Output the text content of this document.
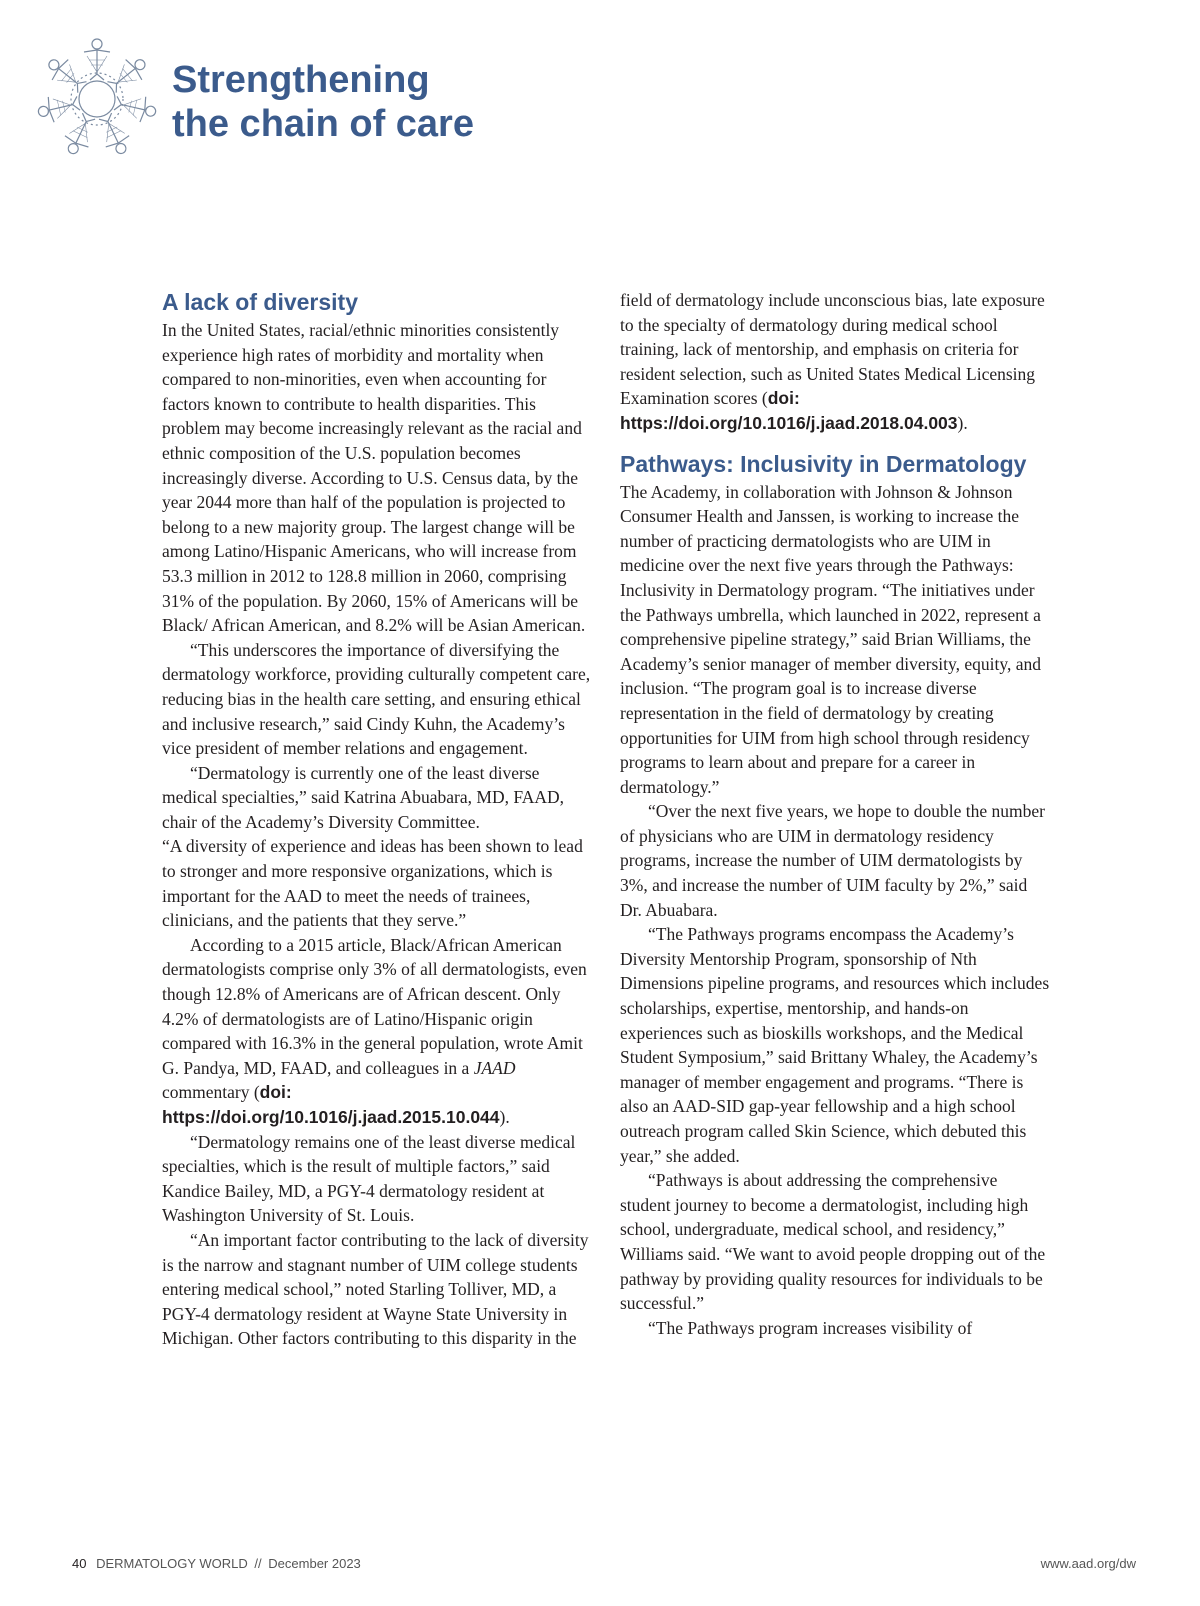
Strengthening
the chain of care
A lack of diversity

In the United States, racial/ethnic minorities consistently experience high rates of morbidity and mortality when compared to non-minorities, even when accounting for factors known to contribute to health disparities. This problem may become increasingly relevant as the racial and ethnic composition of the U.S. population becomes increasingly diverse. According to U.S. Census data, by the year 2044 more than half of the population is projected to belong to a new majority group. The largest change will be among Latino/Hispanic Americans, who will increase from 53.3 million in 2012 to 128.8 million in 2060, comprising 31% of the population. By 2060, 15% of Americans will be Black/ African American, and 8.2% will be Asian American.

“This underscores the importance of diversifying the dermatology workforce, providing culturally competent care, reducing bias in the health care setting, and ensuring ethical and inclusive research,” said Cindy Kuhn, the Academy’s vice president of member relations and engagement.

“Dermatology is currently one of the least diverse medical specialties,” said Katrina Abuabara, MD, FAAD, chair of the Academy’s Diversity Committee.

“A diversity of experience and ideas has been shown to lead to stronger and more responsive organizations, which is important for the AAD to meet the needs of trainees, clinicians, and the patients that they serve.”

According to a 2015 article, Black/African American dermatologists comprise only 3% of all dermatologists, even though 12.8% of Americans are of African descent. Only 4.2% of dermatologists are of Latino/Hispanic origin compared with 16.3% in the general population, wrote Amit G. Pandya, MD, FAAD, and colleagues in a JAAD commentary (doi: https://doi.org/10.1016/j.jaad.2015.10.044).

“Dermatology remains one of the least diverse medical specialties, which is the result of multiple factors,” said Kandice Bailey, MD, a PGY-4 dermatology resident at Washington University of St. Louis.

“An important factor contributing to the lack of diversity is the narrow and stagnant number of UIM college students entering medical school,” noted Starling Tolliver, MD, a PGY-4 dermatology resident at Wayne State University in Michigan. Other factors contributing to this disparity in the

field of dermatology include unconscious bias, late exposure to the specialty of dermatology during medical school training, lack of mentorship, and emphasis on criteria for resident selection, such as United States Medical Licensing Examination scores (doi: https://doi.org/10.1016/j.jaad.2018.04.003).

Pathways: Inclusivity in Dermatology

The Academy, in collaboration with Johnson & Johnson Consumer Health and Janssen, is working to increase the number of practicing dermatologists who are UIM in medicine over the next five years through the Pathways: Inclusivity in Dermatology program. “The initiatives under the Pathways umbrella, which launched in 2022, represent a comprehensive pipeline strategy,” said Brian Williams, the Academy’s senior manager of member diversity, equity, and inclusion. “The program goal is to increase diverse representation in the field of dermatology by creating opportunities for UIM from high school through residency programs to learn about and prepare for a career in dermatology.”

“Over the next five years, we hope to double the number of physicians who are UIM in dermatology residency programs, increase the number of UIM dermatologists by 3%, and increase the number of UIM faculty by 2%,” said Dr. Abuabara.

“The Pathways programs encompass the Academy’s Diversity Mentorship Program, sponsorship of Nth Dimensions pipeline programs, and resources which includes scholarships, expertise, mentorship, and hands-on experiences such as bioskills workshops, and the Medical Student Symposium,” said Brittany Whaley, the Academy’s manager of member engagement and programs. “There is also an AAD-SID gap-year fellowship and a high school outreach program called Skin Science, which debuted this year,” she added.

“Pathways is about addressing the comprehensive student journey to become a dermatologist, including high school, undergraduate, medical school, and residency,” Williams said. “We want to avoid people dropping out of the pathway by providing quality resources for individuals to be successful.”

“The Pathways program increases visibility of

40 DERMATOLOGY WORLD // December 2023	www.aad.org/dw
